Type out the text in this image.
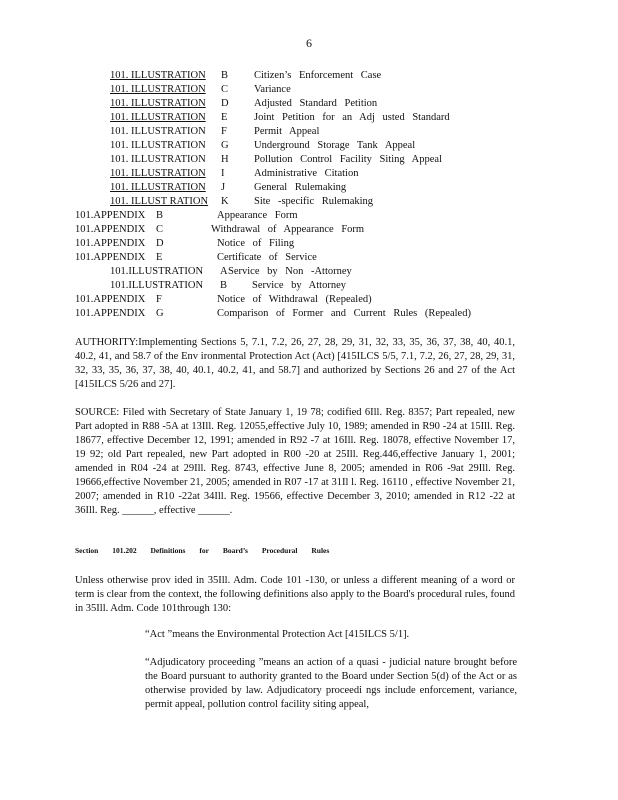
6
101. ILLUSTRATION B Citizen’s Enforcement Case
101. ILLUSTRATION C Variance
101. ILLUSTRATION D Adjusted Standard Petition
101. ILLUSTRATION E	Joint Petition for an Adj usted Standard
101. ILLUSTRATION F	Permit Appeal
101. ILLUSTRATION G Underground Storage Tank Appeal
101. ILLUSTRATION H Pollution Control Facility Siting Appeal
101. ILLUSTRATION I	Administrative Citation
101. ILLUSTRATION J	General Rulemaking
101. ILLUST RATION K Site -specific Rulemaking
101.APPENDIX B	Appearance Form
101.APPENDIX C	Withdrawal of Appearance Form
101.APPENDIX D	Notice of Filing
101.APPENDIX E	Certificate of Service
101.ILLUSTRATION A Service by Non -Attorney
101.ILLUSTRATION B Service by Attorney
101.APPENDIX F	Notice of Withdrawal (Repealed)
101.APPENDIX G	Comparison of Former and Current Rules (Repealed)
AUTHORITY:Implementing Sections 5, 7.1, 7.2, 26, 27, 28, 29, 31, 32, 33, 35, 36, 37, 38, 40, 40.1, 40.2, 41, and 58.7 of the Env ironmental Protection Act (Act) [415ILCS 5/5, 7.1, 7.2, 26, 27, 28, 29, 31, 32, 33, 35, 36, 37, 38, 40, 40.1, 40.2, 41, and 58.7] and authorized by Sections 26 and 27 of the Act [415ILCS 5/26 and 27].
SOURCE: Filed with Secretary of State January 1, 19 78; codified 6Ill. Reg. 8357; Part repealed, new Part adopted in R88 -5A at 13Ill. Reg. 12055,effective July 10, 1989; amended in R90 -24 at 15Ill. Reg. 18677, effective December 12, 1991; amended in R92 -7 at 16Ill. Reg. 18078, effective November 17, 19 92; old Part repealed, new Part adopted in R00 -20 at 25Ill. Reg.446,effective January 1, 2001; amended in R04 -24 at 29Ill. Reg. 8743, effective June 8, 2005; amended in R06 -9at 29Ill. Reg. 19666,effective November 21, 2005; amended in R07 -17 at 31Il l. Reg. 16110 , effective November 21, 2007; amended in R10 -22at 34Ill. Reg. 19566, effective December 3, 2010; amended in R12 -22 at 36Ill. Reg. ______, effective ______.
Section 101.202 Definitions for Board’s Procedural Rules
Unless otherwise prov ided in 35Ill. Adm. Code 101 -130, or unless a different meaning of a word or term is clear from the context, the following definitions also apply to the Board's procedural rules, found in 35Ill. Adm. Code 101through 130:
“Act ”means the Environmental Protection Act [415ILCS 5/1].
“Adjudicatory proceeding ”means an action of a quasi - judicial nature brought before the Board pursuant to authority granted to the Board under Section 5(d) of the Act or as otherwise provided by law. Adjudicatory proceedi ngs include enforcement, variance, permit appeal, pollution control facility siting appeal,
